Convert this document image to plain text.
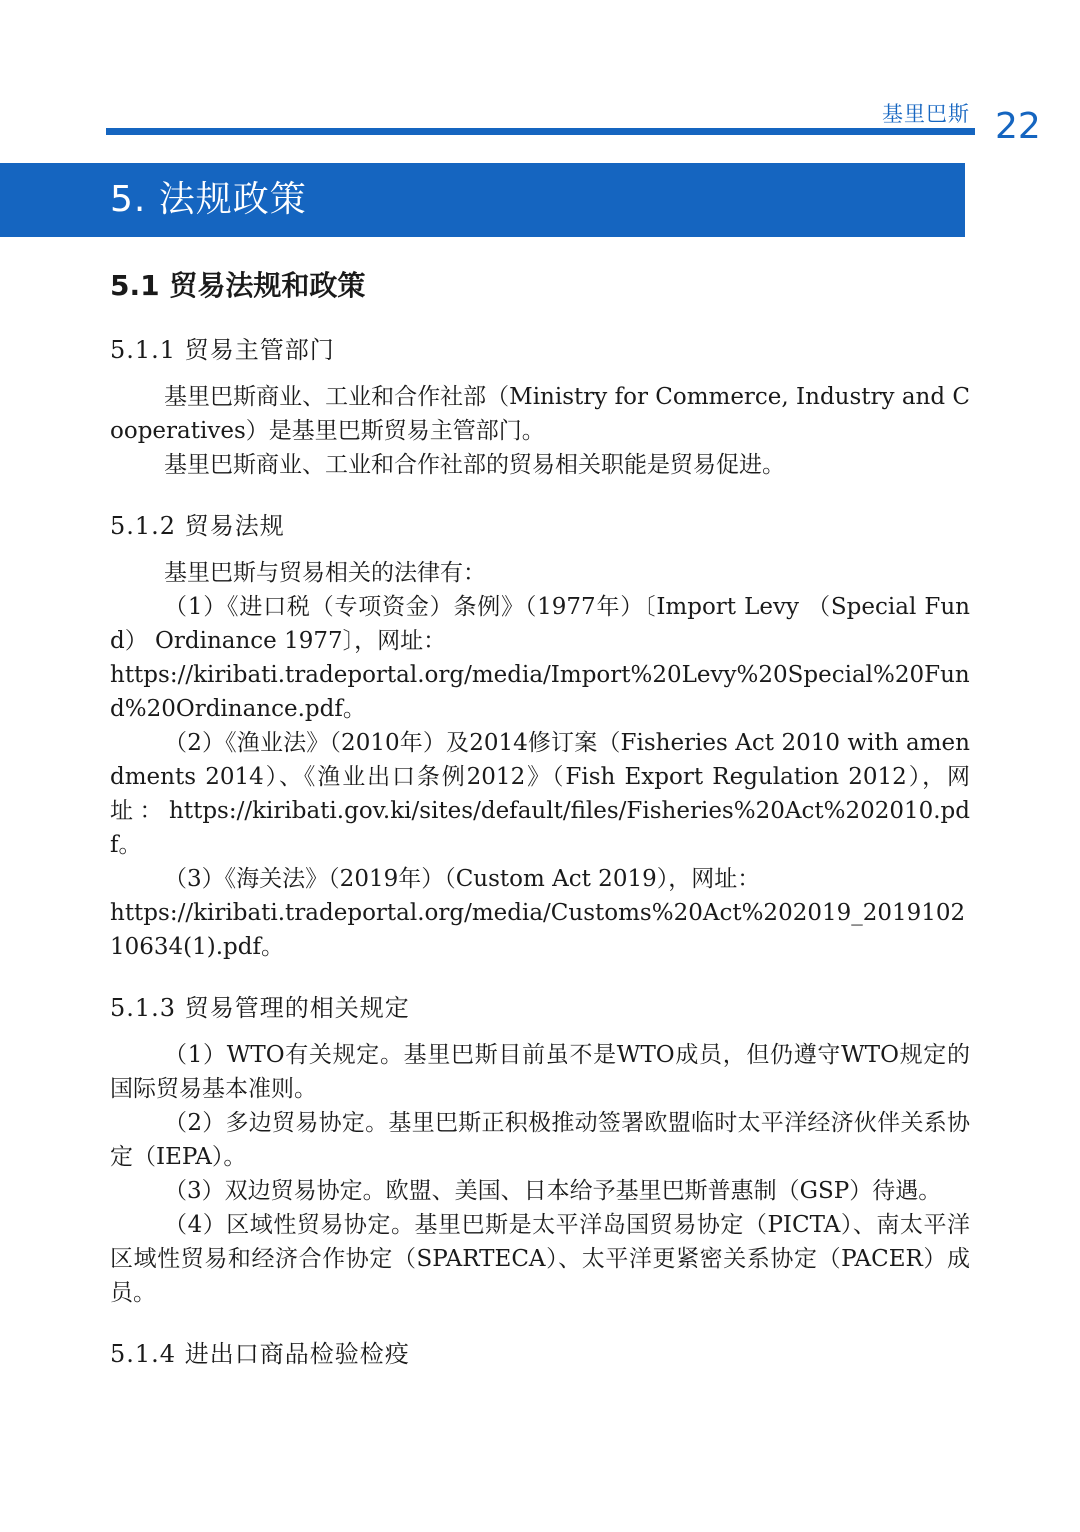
基里巴斯 22
5. 法规政策
5.1 贸易法规和政策
5.1.1 贸易主管部门

基里巴斯商业、工业和合作社部（Ministry for Commerce, Industry and Cooperatives）是基里巴斯贸易主管部门。

基里巴斯商业、工业和合作社部的贸易相关职能是贸易促进。

5.1.2 贸易法规

基里巴斯与贸易相关的法律有：

（1）《进口税（专项资金）条例》（1977年）〔Import Levy （Special Fund） Ordinance 1977〕，网址：

https://kiribati.tradeportal.org/media/Import%20Levy%20Special%20Fund%20Ordinance.pdf。

（2）《渔业法》（2010年）及2014修订案（Fisheries Act 2010 with amendments 2014）、《渔业出口条例2012》（Fish Export Regulation 2012），网址：https://kiribati.gov.ki/sites/default/files/Fisheries%20Act%202010.pdf。

（3）《海关法》（2019年）（Custom Act 2019），网址：

https://kiribati.tradeportal.org/media/Customs%20Act%202019_201910210634(1).pdf。

5.1.3 贸易管理的相关规定

（1）WTO有关规定。基里巴斯目前虽不是WTO成员，但仍遵守WTO规定的国际贸易基本准则。

（2）多边贸易协定。基里巴斯正积极推动签署欧盟临时太平洋经济伙伴关系协定（IEPA）。

（3）双边贸易协定。欧盟、美国、日本给予基里巴斯普惠制（GSP）待遇。

（4）区域性贸易协定。基里巴斯是太平洋岛国贸易协定（PICTA）、南太平洋区域性贸易和经济合作协定（SPARTECA）、太平洋更紧密关系协定（PACER）成员。

5.1.4 进出口商品检验检疫
